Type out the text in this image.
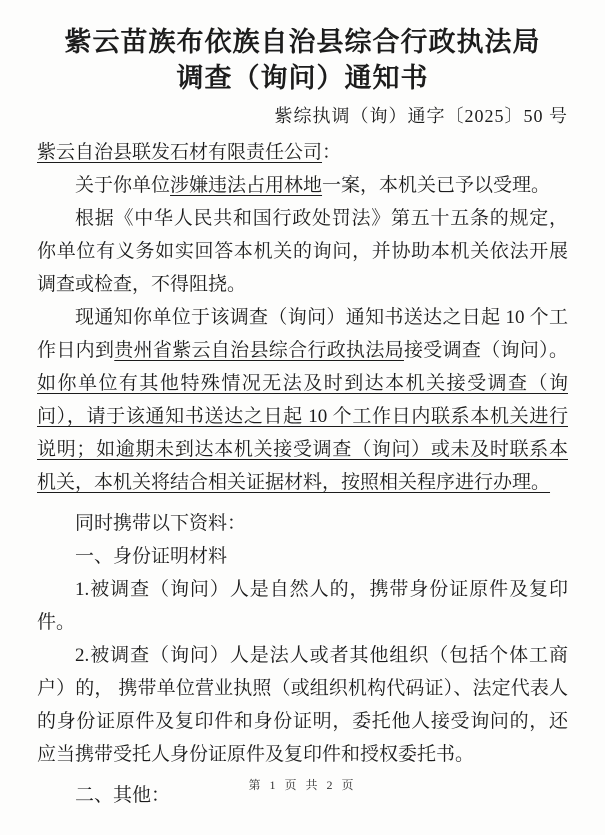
紫云苗族布依族自治县综合行政执法局
调查（询问）通知书
紫综执调（询）通字〔2025〕50 号

紫云自治县联发石材有限责任公司：

关于你单位涉嫌违法占用林地一案，本机关已予以受理。

根据《中华人民共和国行政处罚法》第五十五条的规定，你单位有义务如实回答本机关的询问，并协助本机关依法开展调查或检查，不得阻挠。

现通知你单位于该调查（询问）通知书送达之日起 10 个工作日内到贵州省紫云自治县综合行政执法局接受调查（询问）。如你单位有其他特殊情况无法及时到达本机关接受调查（询问），请于该通知书送达之日起 10 个工作日内联系本机关进行说明；如逾期未到达本机关接受调查（询问）或未及时联系本机关，本机关将结合相关证据材料，按照相关程序进行办理。

同时携带以下资料：

一、身份证明材料

1.被调查（询问）人是自然人的，携带身份证原件及复印件。

2.被调查（询问）人是法人或者其他组织（包括个体工商户）的， 携带单位营业执照（或组织机构代码证）、法定代表人的身份证原件及复印件和身份证明，委托他人接受询问的，还应当携带受托人身份证原件及复印件和授权委托书。

二、其他：	第 1 页 共 2 页
